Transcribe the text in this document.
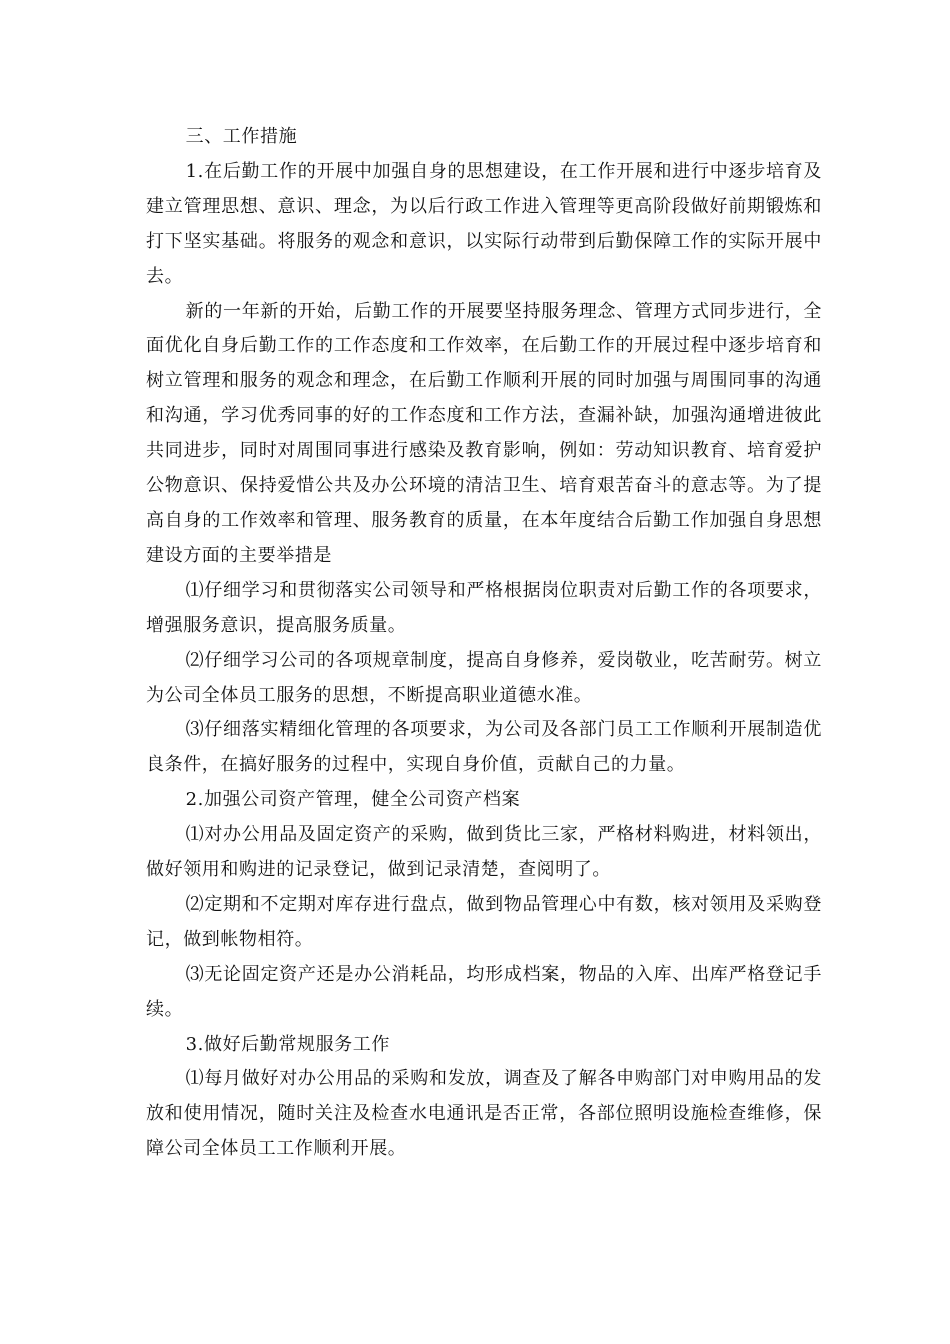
三、工作措施

1.在后勤工作的开展中加强自身的思想建设，在工作开展和进行中逐步培育及建立管理思想、意识、理念，为以后行政工作进入管理等更高阶段做好前期锻炼和打下坚实基础。将服务的观念和意识，以实际行动带到后勤保障工作的实际开展中去。

新的一年新的开始，后勤工作的开展要坚持服务理念、管理方式同步进行，全面优化自身后勤工作的工作态度和工作效率，在后勤工作的开展过程中逐步培育和树立管理和服务的观念和理念，在后勤工作顺利开展的同时加强与周围同事的沟通和沟通，学习优秀同事的好的工作态度和工作方法，查漏补缺，加强沟通增进彼此共同进步，同时对周围同事进行感染及教育影响，例如：劳动知识教育、培育爱护公物意识、保持爱惜公共及办公环境的清洁卫生、培育艰苦奋斗的意志等。为了提高自身的工作效率和管理、服务教育的质量，在本年度结合后勤工作加强自身思想建设方面的主要举措是

⑴仔细学习和贯彻落实公司领导和严格根据岗位职责对后勤工作的各项要求，增强服务意识，提高服务质量。

⑵仔细学习公司的各项规章制度，提高自身修养，爱岗敬业，吃苦耐劳。树立为公司全体员工服务的思想，不断提高职业道德水准。

⑶仔细落实精细化管理的各项要求，为公司及各部门员工工作顺利开展制造优良条件，在搞好服务的过程中，实现自身价值，贡献自己的力量。

2.加强公司资产管理，健全公司资产档案

⑴对办公用品及固定资产的采购，做到货比三家，严格材料购进，材料领出，做好领用和购进的记录登记，做到记录清楚，查阅明了。

⑵定期和不定期对库存进行盘点，做到物品管理心中有数，核对领用及采购登记，做到帐物相符。

⑶无论固定资产还是办公消耗品，均形成档案，物品的入库、出库严格登记手续。

3.做好后勤常规服务工作

⑴每月做好对办公用品的采购和发放，调查及了解各申购部门对申购用品的发放和使用情况，随时关注及检查水电通讯是否正常，各部位照明设施检查维修，保障公司全体员工工作顺利开展。
